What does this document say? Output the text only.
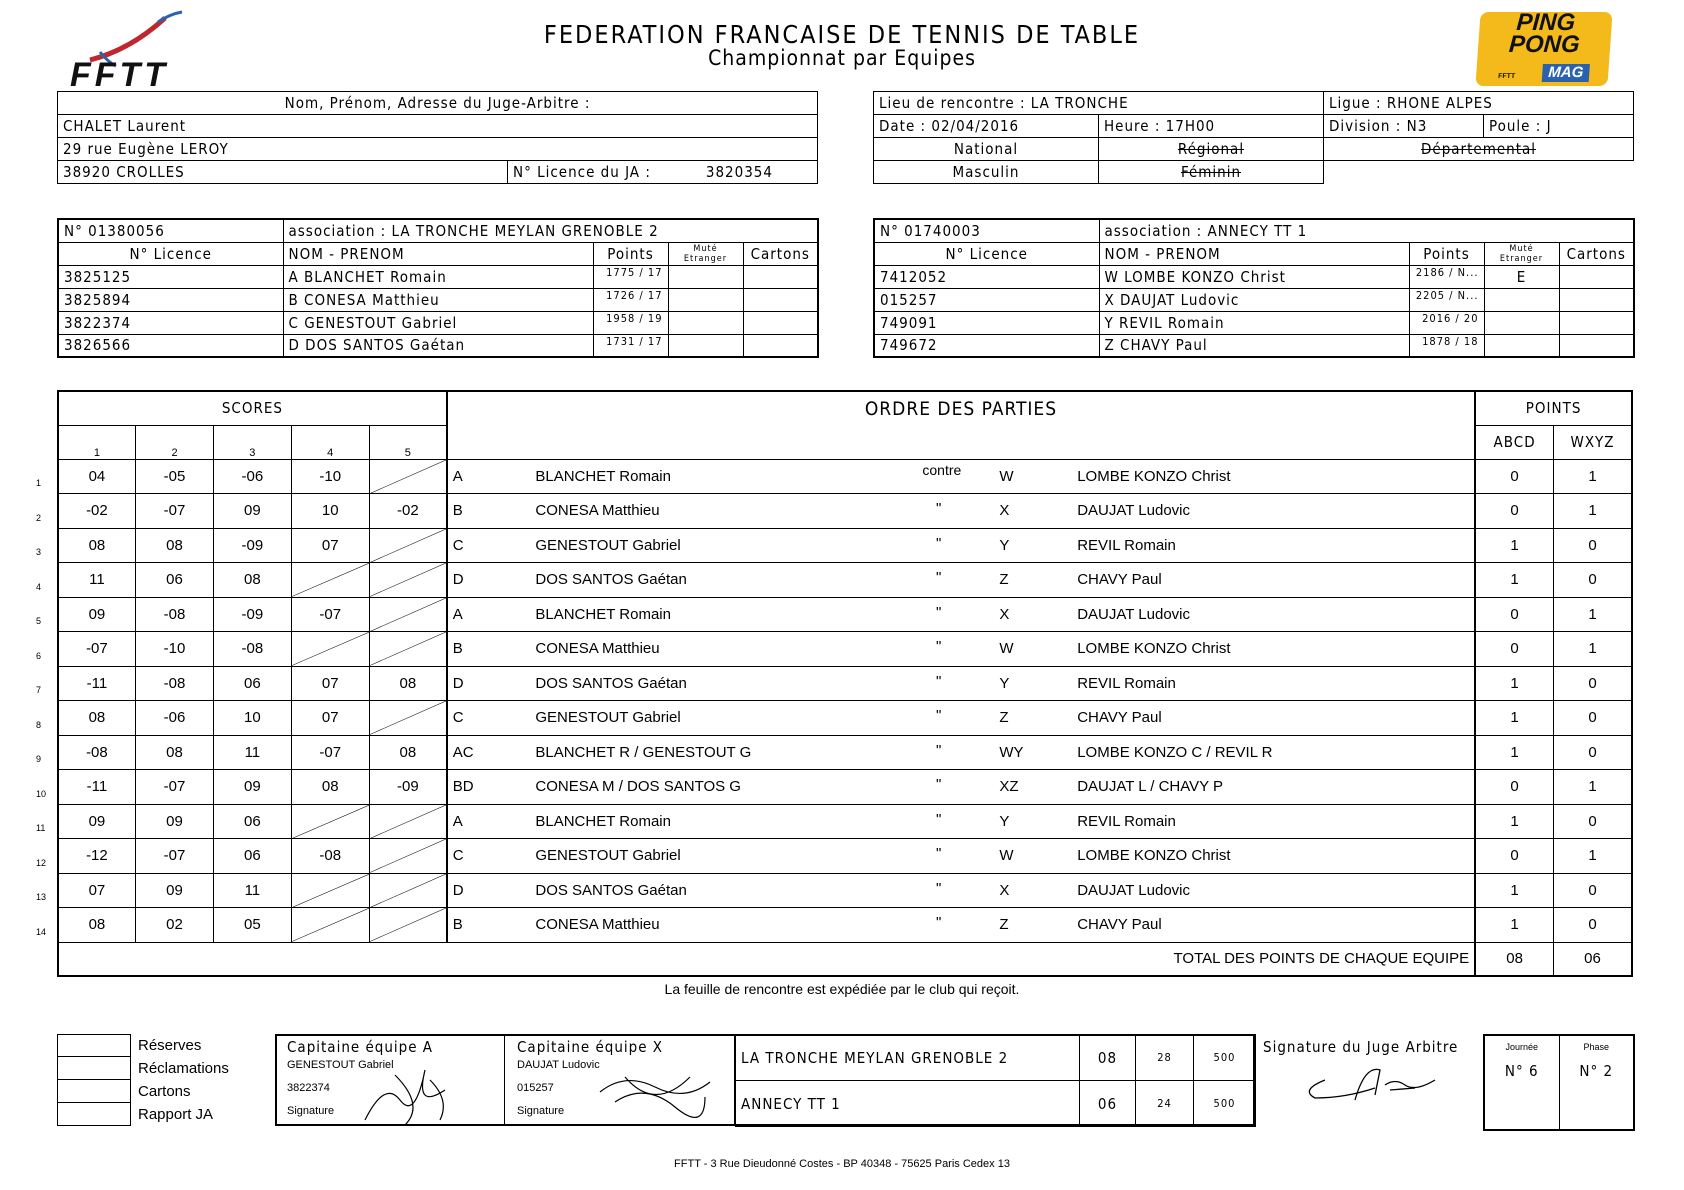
FFTT
PING
PONG
FFTT	MAG
FEDERATION FRANCAISE DE TENNIS DE TABLE
Championnat par Equipes
Nom, Prénom, Adresse du Juge-Arbitre :
CHALET Laurent
29 rue Eugène LEROY
38920 CROLLES	N° Licence du JA :	3820354
Lieu de rencontre : LA TRONCHE		Ligue : RHONE ALPES	
Date : 02/04/2016	Heure : 17H00	Division : N3	Poule : J
National	Régional	Départemental	
Masculin	Féminin		
N° 01380056	association : LA TRONCHE MEYLAN GRENOBLE 2			
N° Licence	NOM - PRENOM	Points	Muté Etranger	Cartons
3825125	A BLANCHET Romain	1775 / 17		
3825894	B CONESA Matthieu	1726 / 17		
3822374	C GENESTOUT Gabriel	1958 / 19		
3826566	D DOS SANTOS Gaétan	1731 / 17		
N° 01740003	association : ANNECY TT 1			
N° Licence	NOM - PRENOM	Points	Muté Etranger	Cartons
7412052	W LOMBE KONZO Christ	2186 / N...	E	
015257	X DAUJAT Ludovic	2205 / N...		
749091	Y REVIL Romain	2016 / 20		
749672	Z CHAVY Paul	1878 / 18		
1
2
3
4
5
6
7
8
9
10
11
12
13
14
SCORES					ORDRE DES PARTIES				POINTS	
1	2	3	4	5					ABCD	WXYZ
04	-05	-06	-10		A	BLANCHET Romain contre	W	LOMBE KONZO Christ	0	1
-02	-07	09	10	-02	B	CONESA Matthieu "	X	DAUJAT Ludovic	0	1
08	08	-09	07		C	GENESTOUT Gabriel "	Y	REVIL Romain	1	0
11	06	08			D	DOS SANTOS Gaétan "	Z	CHAVY Paul	1	0
09	-08	-09	-07		A	BLANCHET Romain "	X	DAUJAT Ludovic	0	1
-07	-10	-08			B	CONESA Matthieu "	W	LOMBE KONZO Christ	0	1
-11	-08	06	07	08	D	DOS SANTOS Gaétan "	Y	REVIL Romain	1	0
08	-06	10	07		C	GENESTOUT Gabriel "	Z	CHAVY Paul	1	0
-08	08	11	-07	08	AC	BLANCHET R / GENESTOUT G "	WY	LOMBE KONZO C / REVIL R	1	0
-11	-07	09	08	-09	BD	CONESA M / DOS SANTOS G "	XZ	DAUJAT L / CHAVY P	0	1
09	09	06			A	BLANCHET Romain "	Y	REVIL Romain	1	0
-12	-07	06	-08		C	GENESTOUT Gabriel "	W	LOMBE KONZO Christ	0	1
07	09	11			D	DOS SANTOS Gaétan "	X	DAUJAT Ludovic	1	0
08	02	05			B	CONESA Matthieu "	Z	CHAVY Paul	1	0
TOTAL DES POINTS DE CHAQUE EQUIPE									08	06
La feuille de rencontre est expédiée par le club qui reçoit.
Réserves
Réclamations
Cartons
Rapport JA
Capitaine équipe A
GENESTOUT Gabriel
3822374
Signature
Capitaine équipe X
DAUJAT Ludovic
015257
Signature
LA TRONCHE MEYLAN GRENOBLE 2	08	28	500
ANNECY TT 1	06	24	500
Signature du Juge Arbitre	Journée	Phase
N° 6	N° 2
FFTT - 3 Rue Dieudonné Costes - BP 40348 - 75625 Paris Cedex 13
